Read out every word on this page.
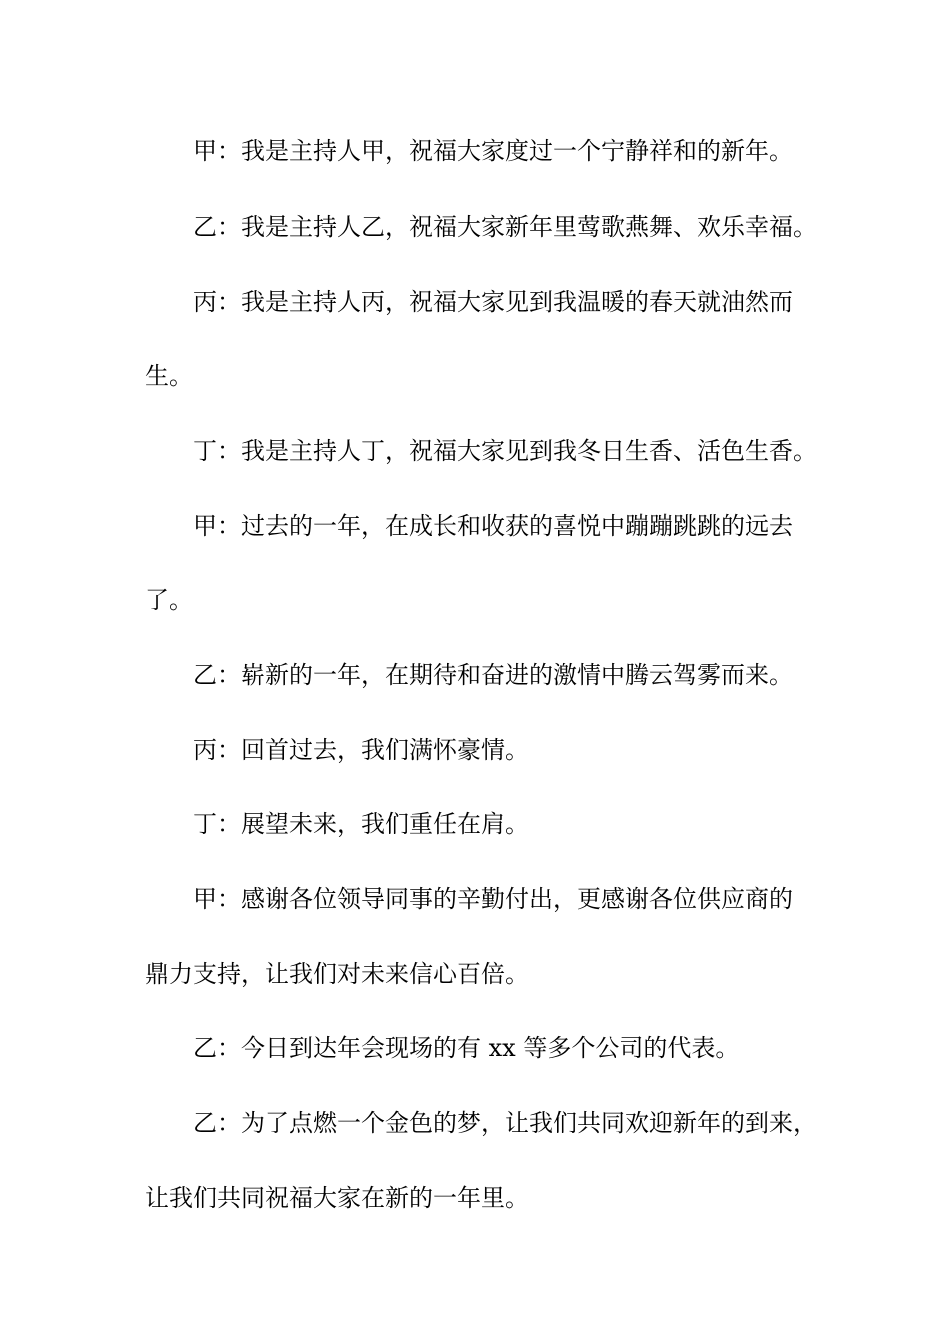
甲：我是主持人甲，祝福大家度过一个宁静祥和的新年。
乙：我是主持人乙，祝福大家新年里莺歌燕舞、欢乐幸福。
丙：我是主持人丙，祝福大家见到我温暖的春天就油然而
生。
丁：我是主持人丁，祝福大家见到我冬日生香、活色生香。
甲：过去的一年，在成长和收获的喜悦中蹦蹦跳跳的远去
了。
乙：崭新的一年，在期待和奋进的激情中腾云驾雾而来。
丙：回首过去，我们满怀豪情。
丁：展望未来，我们重任在肩。
甲：感谢各位领导同事的辛勤付出，更感谢各位供应商的
鼎力支持，让我们对未来信心百倍。
乙：今日到达年会现场的有 xx 等多个公司的代表。
乙：为了点燃一个金色的梦，让我们共同欢迎新年的到来，
让我们共同祝福大家在新的一年里。
